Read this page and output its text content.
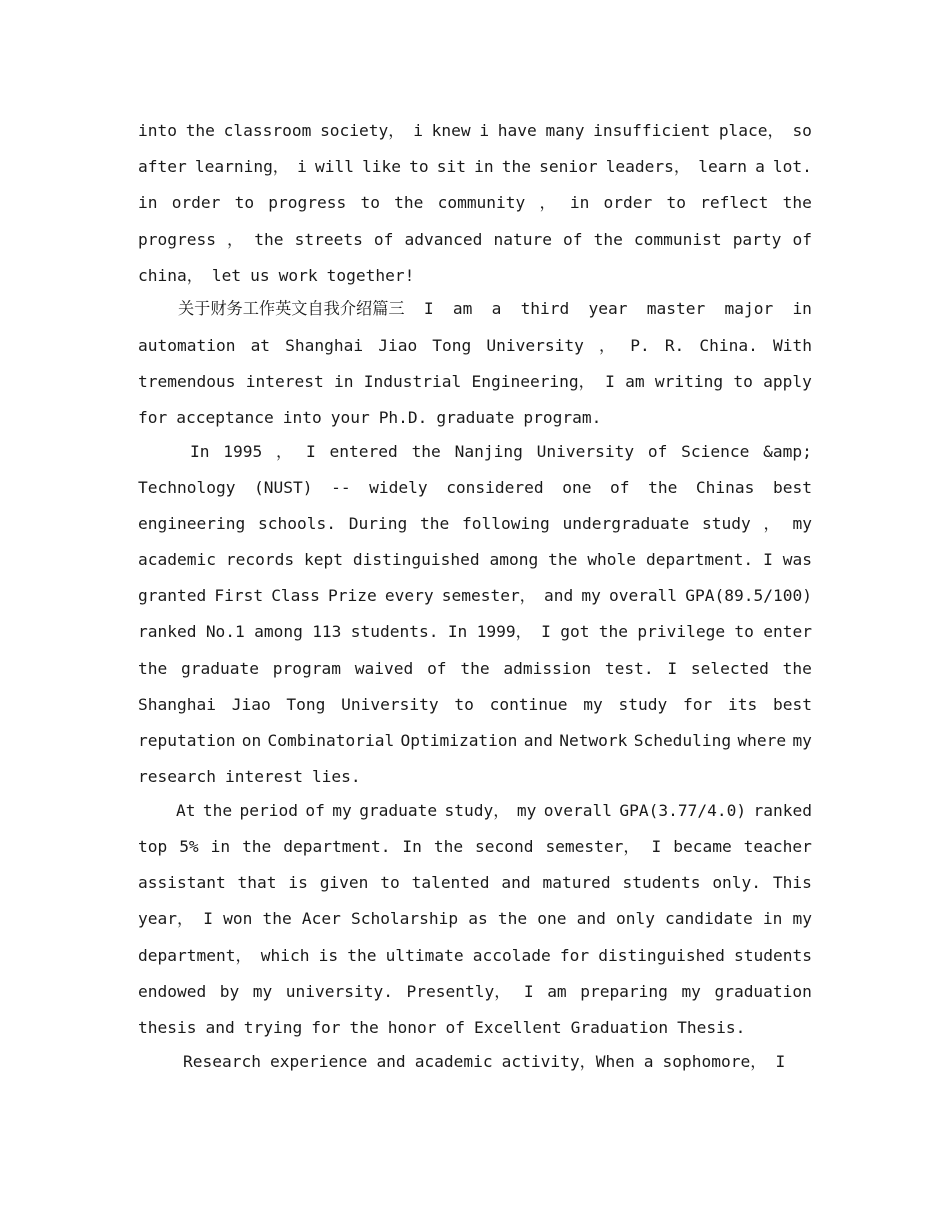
into the classroom society， i knew i have many insufficient place， so
after learning， i will like to sit in the senior leaders， learn a lot.
in order to progress to the community ， in order to reflect the
progress ， the streets of advanced nature of the communist party of
china， let us work together!
关于财务工作英文自我介绍篇三 I am a third year master major in
automation at Shanghai Jiao Tong University ， P. R. China. With
tremendous interest in Industrial Engineering， I am writing to apply
for acceptance into your Ph.D. graduate program.
In 1995 ， I entered the Nanjing University of Science &amp;
Technology (NUST) -- widely considered one of the Chinas best
engineering schools. During the following undergraduate study ， my
academic records kept distinguished among the whole department. I was
granted First Class Prize every semester， and my overall GPA(89.5/100)
ranked No.1 among 113 students. In 1999， I got the privilege to enter
the graduate program waived of the admission test. I selected the
Shanghai Jiao Tong University to continue my study for its best
reputation on Combinatorial Optimization and Network Scheduling where my
research interest lies.
At the period of my graduate study， my overall GPA(3.77/4.0) ranked
top 5% in the department. In the second semester， I became teacher
assistant that is given to talented and matured students only. This
year， I won the Acer Scholarship as the one and only candidate in my
department， which is the ultimate accolade for distinguished students
endowed by my university. Presently， I am preparing my graduation
thesis and trying for the honor of Excellent Graduation Thesis.
Research experience and academic activity，When a sophomore， I
